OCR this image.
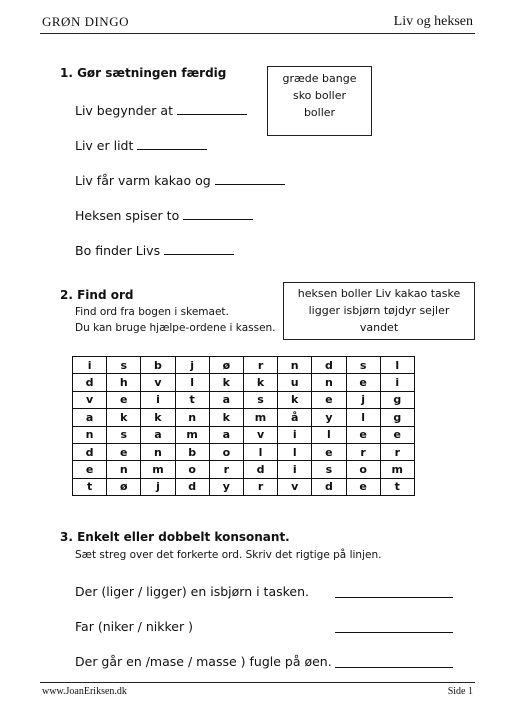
GRØN DINGO	Liv og heksen
1. Gør sætningen færdig
Liv begynder at
Liv er lidt
Liv får varm kakao og
Heksen spiser to
Bo finder Livs
græde bange
sko boller
boller
2. Find ord
Find ord fra bogen i skemaet.
Du kan bruge hjælpe-ordene i kassen.
heksen boller Liv kakao taske
ligger isbjørn tøjdyr sejler
vandet
i	s	b	j	ø	r	n	d	s	l
d	h	v	l	k	k	u	n	e	i
v	e	i	t	a	s	k	e	j	g
a	k	k	n	k	m	å	y	l	g
n	s	a	m	a	v	i	l	e	e
d	e	n	b	o	l	l	e	r	r
e	n	m	o	r	d	i	s	o	m
t	ø	j	d	y	r	v	d	e	t
3. Enkelt eller dobbelt konsonant.
Sæt streg over det forkerte ord. Skriv det rigtige på linjen.
Der (liger / ligger) en isbjørn i tasken.
Far (niker / nikker )
Der går en /mase / masse ) fugle på øen.
www.JoanEriksen.dk	Side 1
